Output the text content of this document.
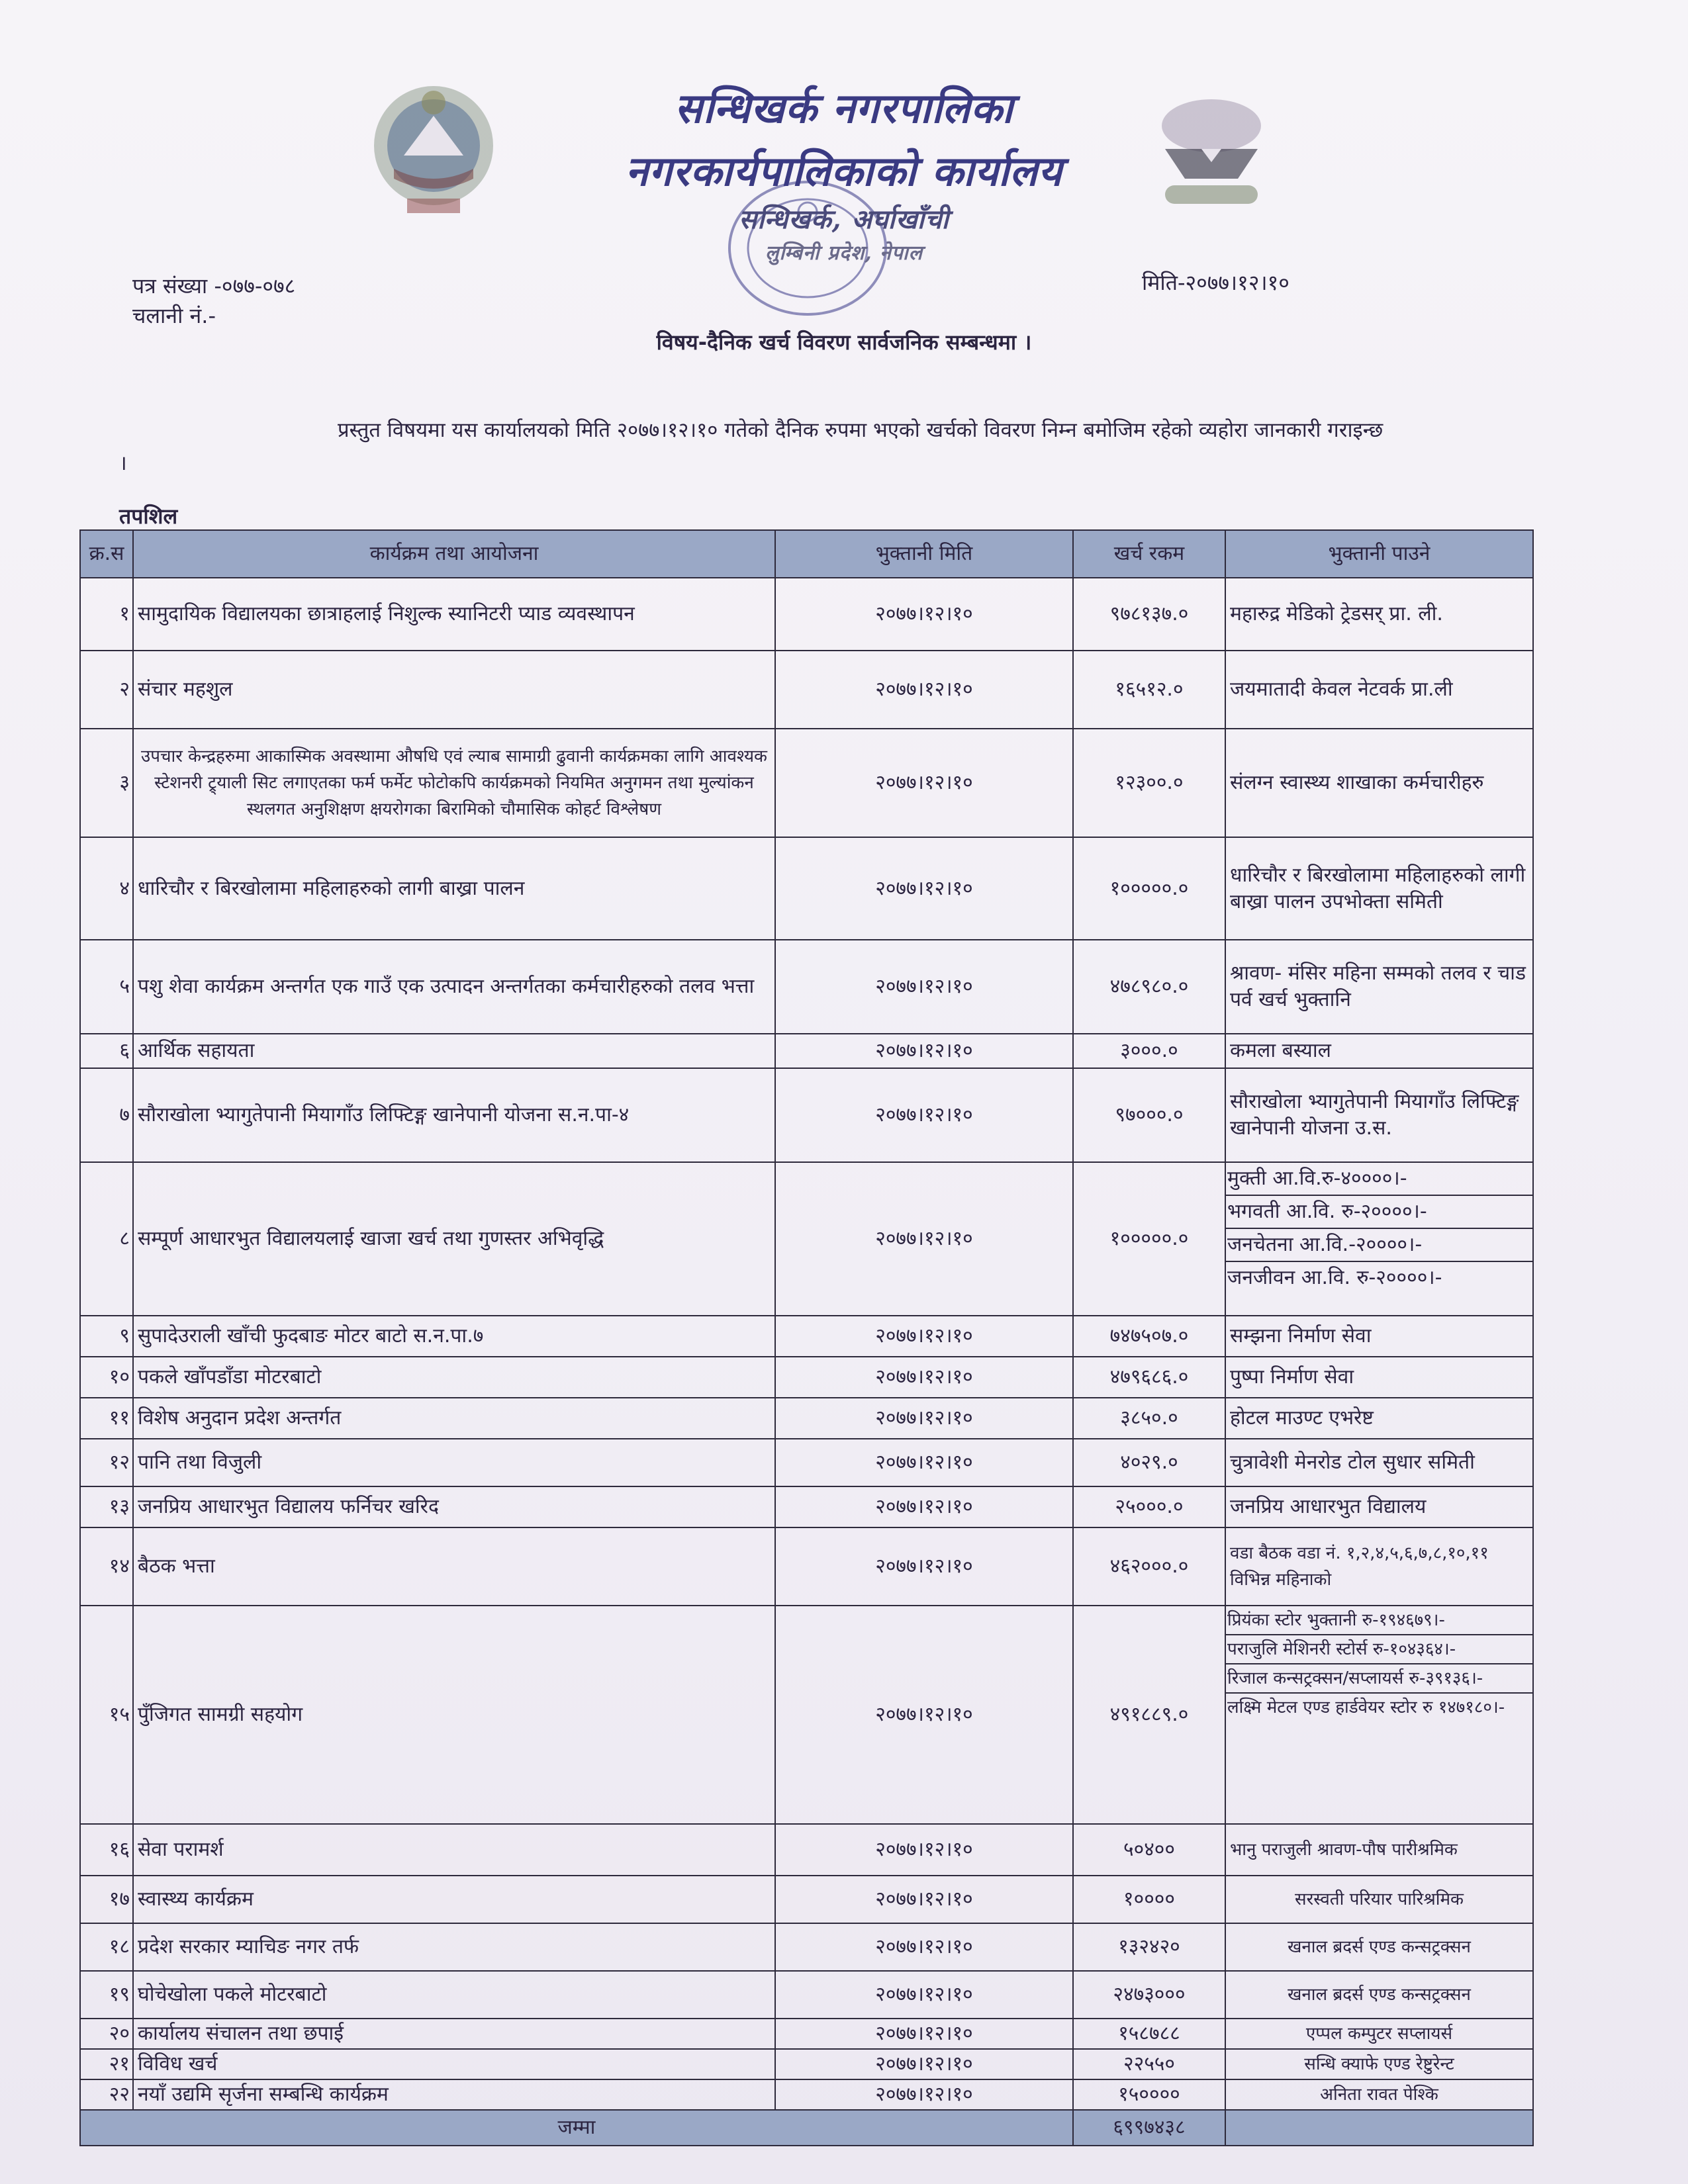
सन्धिखर्क नगरपालिका
नगरकार्यपालिकाको कार्यालय
सन्धिखर्क, अर्घाखाँची
लुम्बिनी प्रदेश, नेपाल
पत्र संख्या -०७७-०७८
चलानी नं.-
मिति-२०७७।१२।१०
विषय-दैनिक खर्च विवरण सार्वजनिक सम्बन्धमा ।
प्रस्तुत विषयमा यस कार्यालयको मिति २०७७।१२।१० गतेको दैनिक रुपमा भएको खर्चको विवरण निम्न बमोजिम रहेको व्यहोरा जानकारी गराइन्छ ।
तपशिल
क्र.स	कार्यक्रम तथा आयोजना	भुक्तानी मिति	खर्च रकम	भुक्तानी पाउने
१	सामुदायिक विद्यालयका छात्राहलाई निशुल्क स्यानिटरी प्याड व्यवस्थापन	२०७७।१२।१०	९७८१३७.०	महारुद्र मेडिको ट्रेडसर् प्रा. ली.
२	संचार महशुल	२०७७।१२।१०	१६५१२.०	जयमातादी केवल नेटवर्क प्रा.ली
३	उपचार केन्द्रहरुमा आकास्मिक अवस्थामा औषधि एवं ल्याब सामाग्री ढुवानी कार्यक्रमका लागि आवश्यक स्टेशनरी ट्र्याली सिट लगाएतका फर्म फर्मेट फोटोकपि कार्यक्रमको नियमित अनुगमन तथा मुल्यांकन स्थलगत अनुशिक्षण क्षयरोगका बिरामिको चौमासिक कोहर्ट विश्लेषण	२०७७।१२।१०	१२३००.०	संलग्न स्वास्थ्य शाखाका कर्मचारीहरु
४	धारिचौर र बिरखोलामा महिलाहरुको लागी बाख्रा पालन	२०७७।१२।१०	१०००००.०	धारिचौर र बिरखोलामा महिलाहरुको लागी बाख्रा पालन उपभोक्ता समिती
५	पशु शेवा कार्यक्रम अन्तर्गत एक गाउँ एक उत्पादन अन्तर्गतका कर्मचारीहरुको तलव भत्ता	२०७७।१२।१०	४७८९८०.०	श्रावण- मंसिर महिना सम्मको तलव र चाड पर्व खर्च भुक्तानि
६	आर्थिक सहायता	२०७७।१२।१०	३०००.०	कमला बस्याल
७	सौराखोला भ्यागुतेपानी मियागाँउ लिफ्टिङ्ग खानेपानी योजना स.न.पा-४	२०७७।१२।१०	९७०००.०	सौराखोला भ्यागुतेपानी मियागाँउ लिफ्टिङ्ग खानेपानी योजना उ.स.
८	सम्पूर्ण आधारभुत विद्यालयलाई खाजा खर्च तथा गुणस्तर अभिवृद्धि	२०७७।१२।१०	१०००००.०	मुक्ती आ.वि.रु-४००००।-
भगवती आ.वि. रु-२००००।-
जनचेतना आ.वि.-२००००।-
जनजीवन आ.वि. रु-२००००।-

९	सुपादेउराली खाँची फुदबाङ मोटर बाटो स.न.पा.७	२०७७।१२।१०	७४७५०७.०	सम्झना निर्माण सेवा
१०	पकले खाँपडाँडा मोटरबाटो	२०७७।१२।१०	४७९६८६.०	पुष्पा निर्माण सेवा
११	विशेष अनुदान प्रदेश अन्तर्गत	२०७७।१२।१०	३८५०.०	होटल माउण्ट एभरेष्ट
१२	पानि तथा विजुली	२०७७।१२।१०	४०२९.०	चुत्रावेशी मेनरोड टोल सुधार समिती
१३	जनप्रिय आधारभुत विद्यालय फर्निचर खरिद	२०७७।१२।१०	२५०००.०	जनप्रिय आधारभुत विद्यालय
१४	बैठक भत्ता	२०७७।१२।१०	४६२०००.०	वडा बैठक वडा नं. १,२,४,५,६,७,८,१०,११ विभिन्न महिनाको
१५	पुँजिगत सामग्री सहयोग	२०७७।१२।१०	४९१८८९.०	प्रियंका स्टोर भुक्तानी रु-१९४६७९।-
पराजुलि मेशिनरी स्टोर्स रु-१०४३६४।-
रिजाल कन्सट्रक्सन/सप्लायर्स रु-३९१३६।-
लक्ष्मि मेटल एण्ड हार्डवेयर स्टोर रु १४७१८०।-

१६	सेवा परामर्श	२०७७।१२।१०	५०४००	भानु पराजुली श्रावण-पौष पारीश्रमिक
१७	स्वास्थ्य कार्यक्रम	२०७७।१२।१०	१००००	सरस्वती परियार पारिश्रमिक
१८	प्रदेश सरकार म्याचिङ नगर तर्फ	२०७७।१२।१०	१३२४२०	खनाल ब्रदर्स एण्ड कन्सट्रक्सन
१९	घोचेखोला पकले मोटरबाटो	२०७७।१२।१०	२४७३०००	खनाल ब्रदर्स एण्ड कन्सट्रक्सन
२०	कार्यालय संचालन तथा छपाई	२०७७।१२।१०	१५८७८८	एप्पल कम्पुटर सप्लायर्स
२१	विविध खर्च	२०७७।१२।१०	२२५५०	सन्धि क्याफे एण्ड रेष्टुरेन्ट
२२	नयाँ उद्यमि सृर्जना सम्बन्धि कार्यक्रम	२०७७।१२।१०	१५००००	अनिता रावत पेश्कि
जम्मा			६९९७४३८	
